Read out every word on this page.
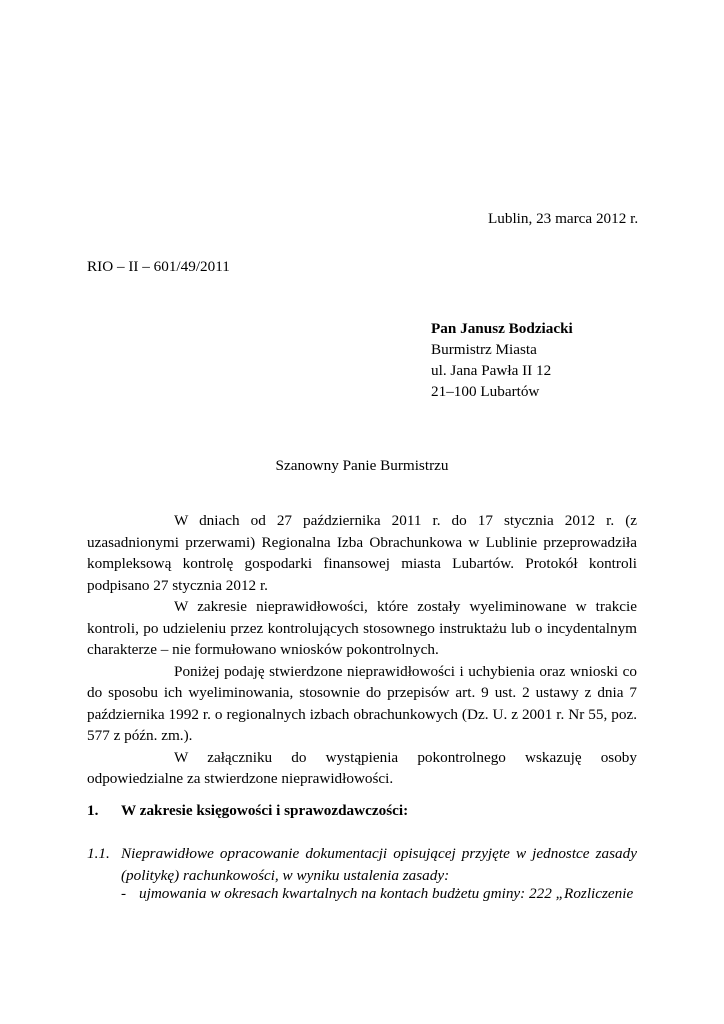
Lublin, 23 marca 2012 r.
RIO – II – 601/49/2011
Pan Janusz Bodziacki
Burmistrz Miasta
ul. Jana Pawła II 12
21–100 Lubartów
Szanowny Panie Burmistrzu

W dniach od 27 października 2011 r. do 17 stycznia 2012 r. (z uzasadnionymi przerwami) Regionalna Izba Obrachunkowa w Lublinie przeprowadziła kompleksową kontrolę gospodarki finansowej miasta Lubartów. Protokół kontroli podpisano 27 stycznia 2012 r.

W zakresie nieprawidłowości, które zostały wyeliminowane w trakcie kontroli, po udzieleniu przez kontrolujących stosownego instruktażu lub o incydentalnym charakterze – nie formułowano wniosków pokontrolnych.

Poniżej podaję stwierdzone nieprawidłowości i uchybienia oraz wnioski co do sposobu ich wyeliminowania, stosownie do przepisów art. 9 ust. 2 ustawy z dnia 7 października 1992 r. o regionalnych izbach obrachunkowych (Dz. U. z 2001 r. Nr 55, poz. 577 z późn. zm.).

W załączniku do wystąpienia pokontrolnego wskazuję osoby odpowiedzialne za stwierdzone nieprawidłowości.

1. W zakresie księgowości i sprawozdawczości:
1.1. Nieprawidłowe opracowanie dokumentacji opisującej przyjęte w jednostce zasady (politykę) rachunkowości, w wyniku ustalenia zasady:
- ujmowania w okresach kwartalnych na kontach budżetu gminy: 222 „Rozliczenie
